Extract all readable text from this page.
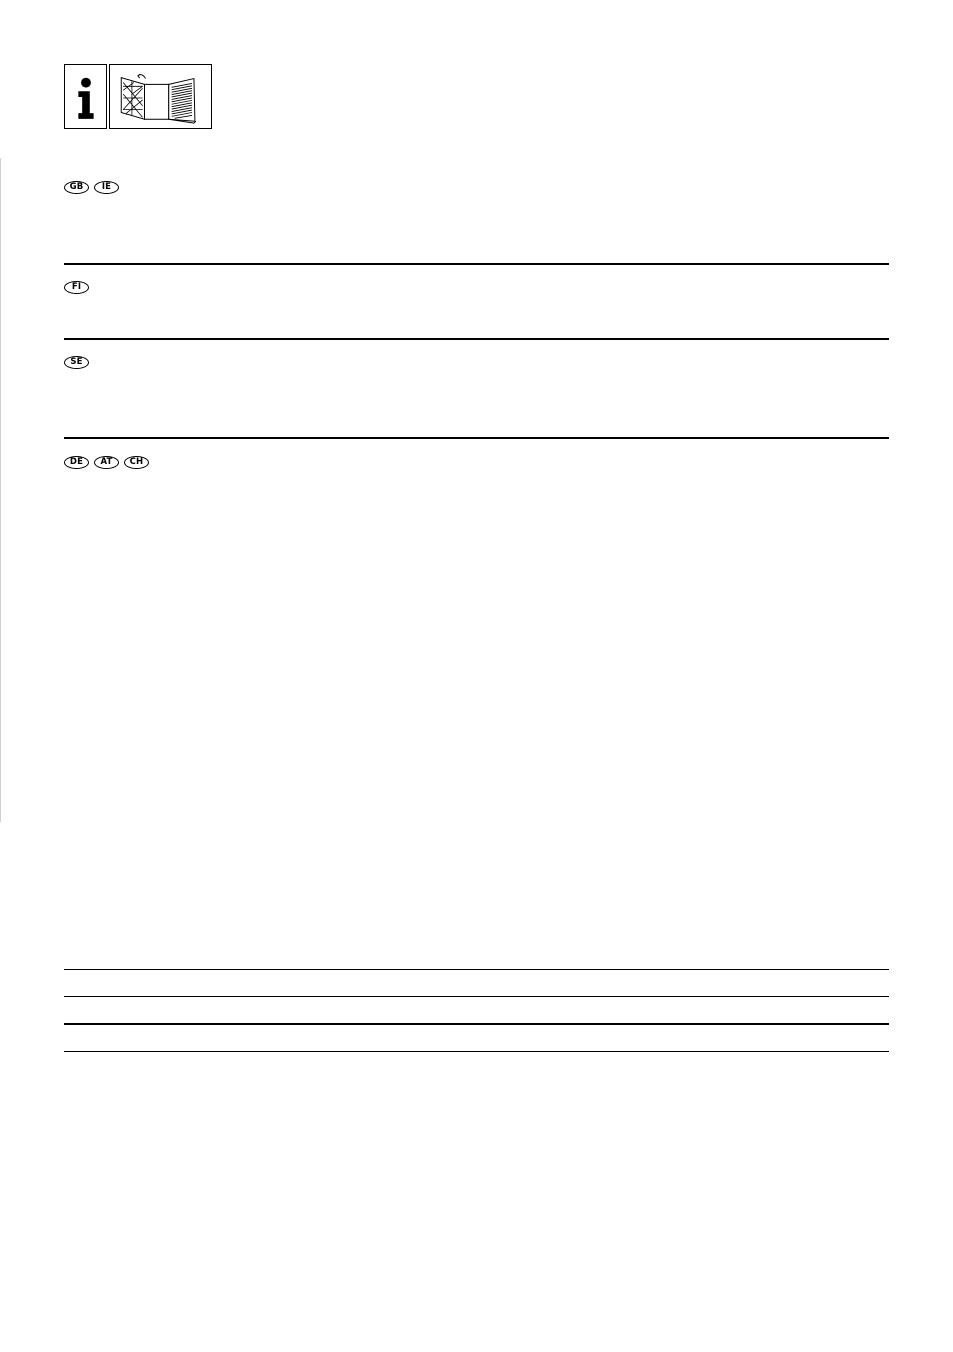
GB	IE
FI
SE
DE	AT	CH
